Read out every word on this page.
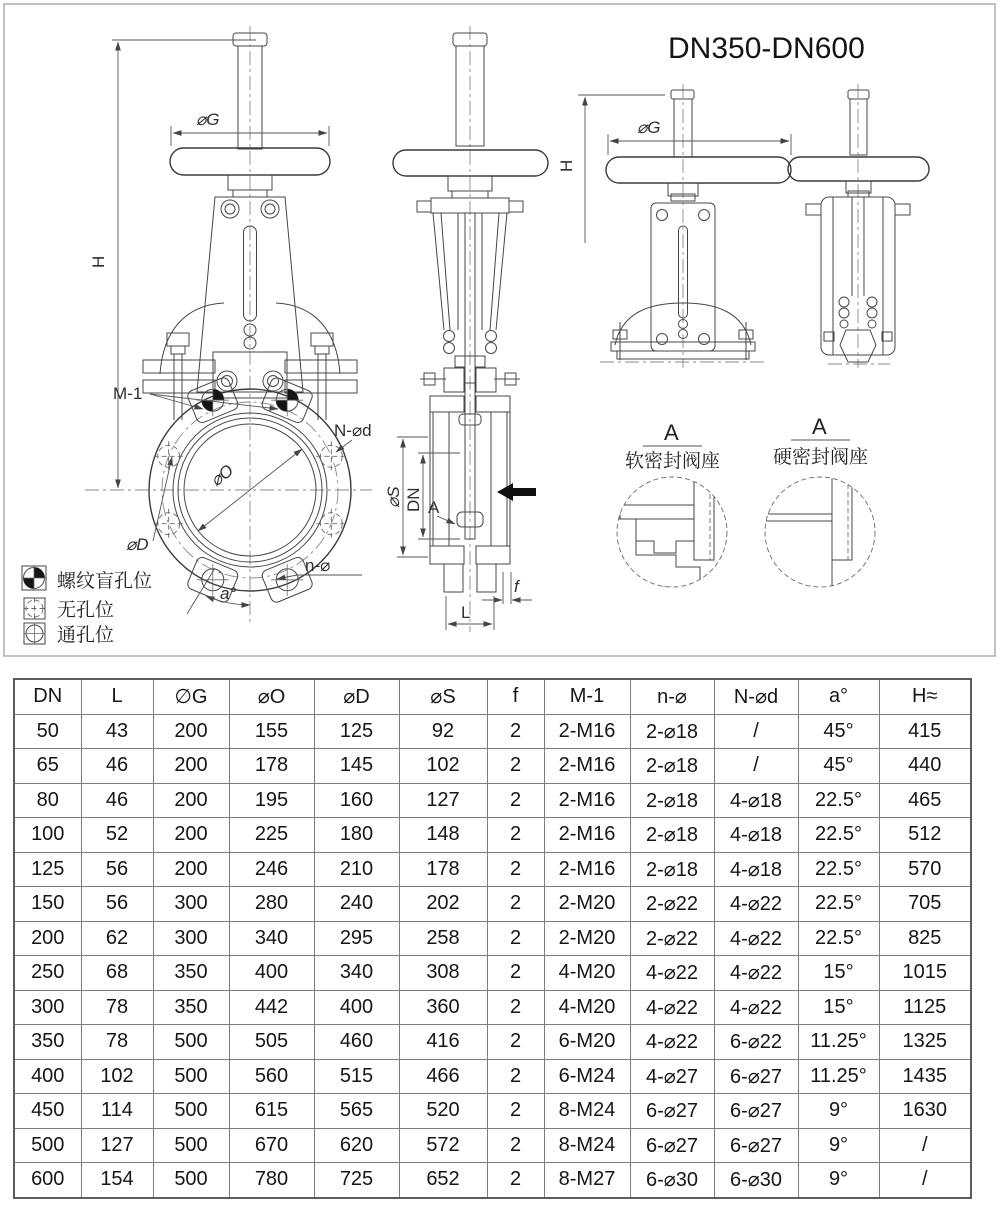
H
⌀G
M-1
N-⌀d
⌀O
⌀D
n-⌀
a°
⌀S DN A
f
L
DN350-DN600
H
⌀G
A
软密封阀座
A
硬密封阀座
螺纹盲孔位
无孔位
通孔位
DN	L	∅G	⌀O	⌀D	⌀S	f	M-1	n-⌀	N-⌀d	a°	H≈
50	43	200	155	125	92	2	2-M16	2-⌀18	/	45°	415
65	46	200	178	145	102	2	2-M16	2-⌀18	/	45°	440
80	46	200	195	160	127	2	2-M16	2-⌀18	4-⌀18	22.5°	465
100	52	200	225	180	148	2	2-M16	2-⌀18	4-⌀18	22.5°	512
125	56	200	246	210	178	2	2-M16	2-⌀18	4-⌀18	22.5°	570
150	56	300	280	240	202	2	2-M20	2-⌀22	4-⌀22	22.5°	705
200	62	300	340	295	258	2	2-M20	2-⌀22	4-⌀22	22.5°	825
250	68	350	400	340	308	2	4-M20	4-⌀22	4-⌀22	15°	1015
300	78	350	442	400	360	2	4-M20	4-⌀22	4-⌀22	15°	1125
350	78	500	505	460	416	2	6-M20	4-⌀22	6-⌀22	11.25°	1325
400	102	500	560	515	466	2	6-M24	4-⌀27	6-⌀27	11.25°	1435
450	114	500	615	565	520	2	8-M24	6-⌀27	6-⌀27	9°	1630
500	127	500	670	620	572	2	8-M24	6-⌀27	6-⌀27	9°	/
600	154	500	780	725	652	2	8-M27	6-⌀30	6-⌀30	9°	/
